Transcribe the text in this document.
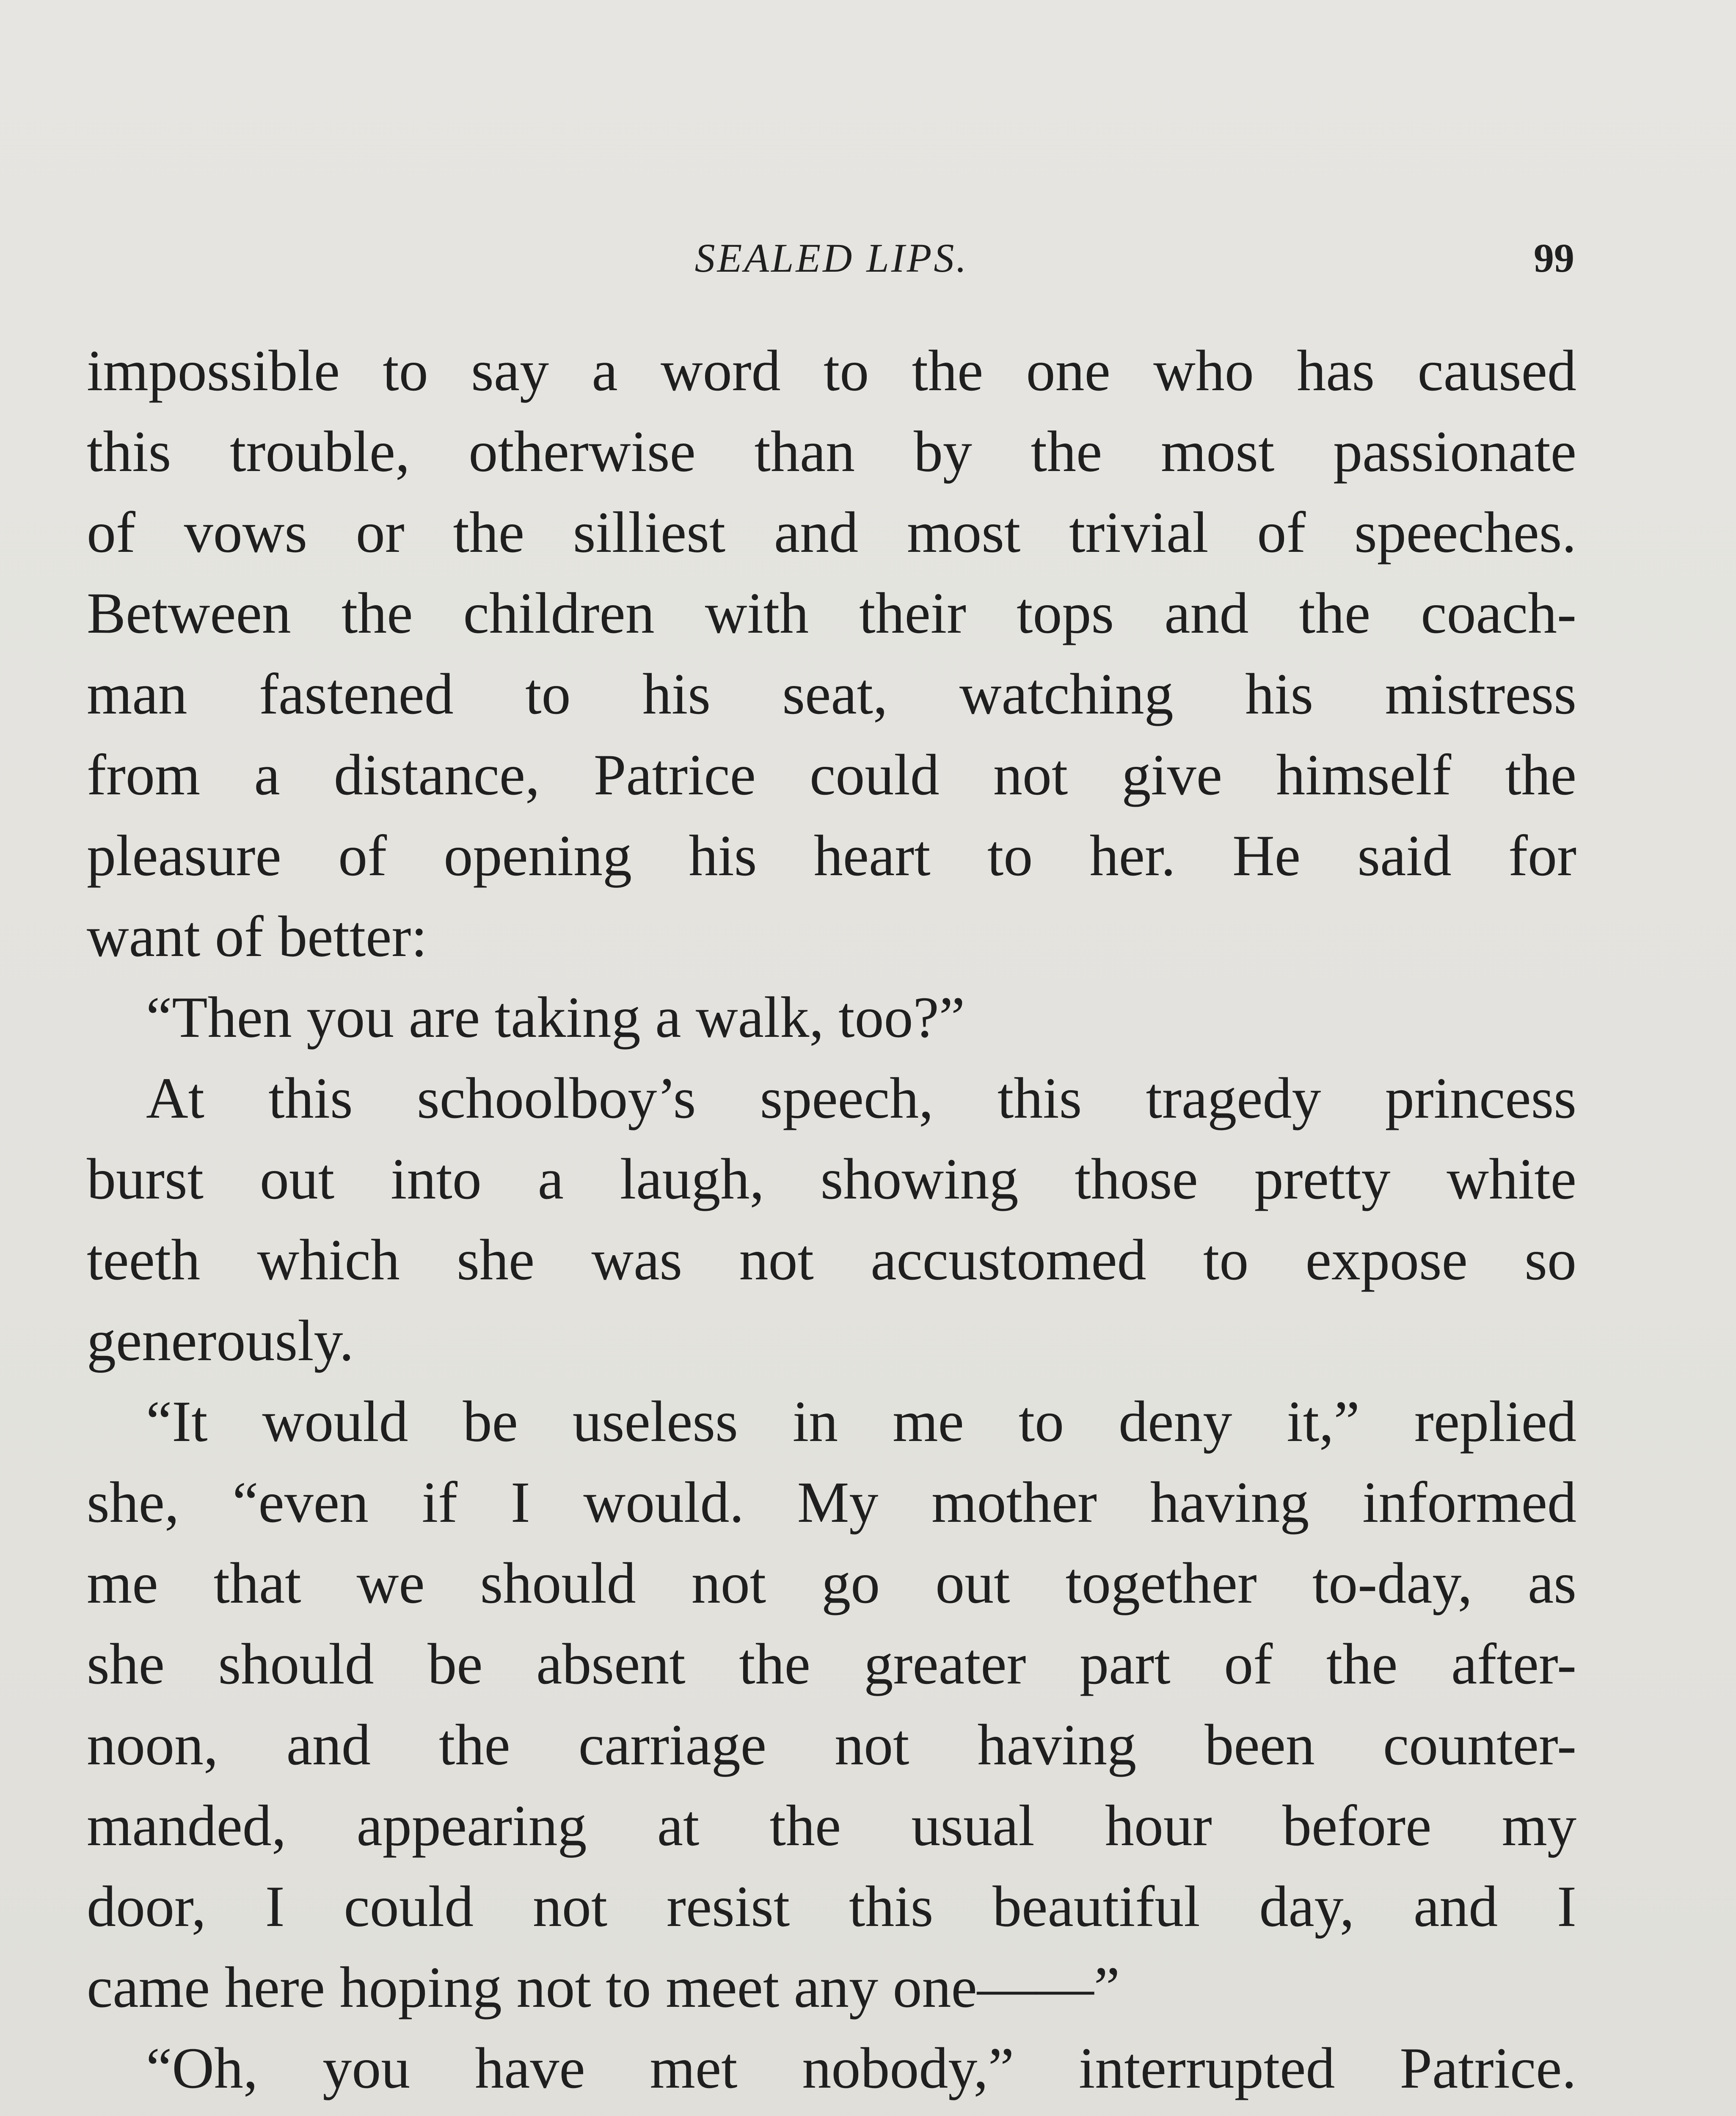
SEALED LIPS.	99
impossible to say a word to the one who has caused
this trouble, otherwise than by the most passionate
of vows or the silliest and most trivial of speeches.
Between the children with their tops and the coach-
man fastened to his seat, watching his mistress
from a distance, Patrice could not give himself the
pleasure of opening his heart to her. He said for
want of better:
“Then you are taking a walk, too?”
At this schoolboy’s speech, this tragedy princess
burst out into a laugh, showing those pretty white
teeth which she was not accustomed to expose so
generously.
“It would be useless in me to deny it,” replied
she, “even if I would. My mother having informed
me that we should not go out together to-day, as
she should be absent the greater part of the after-
noon, and the carriage not having been counter-
manded, appearing at the usual hour before my
door, I could not resist this beautiful day, and I
came here hoping not to meet any one——”
“Oh, you have met nobody,” interrupted Patrice.
